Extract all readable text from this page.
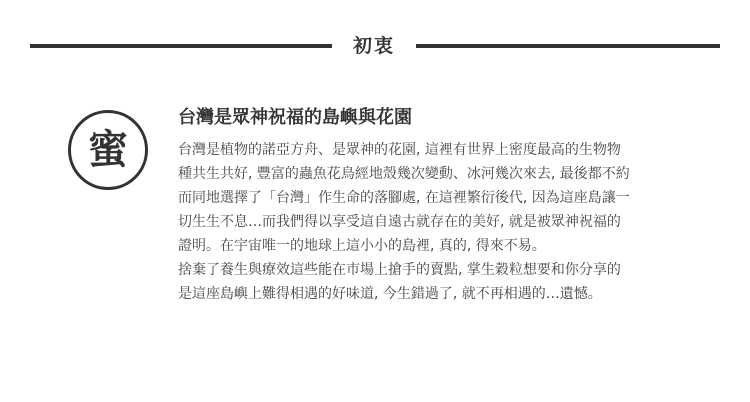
初衷
蜜
台灣是眾神祝福的島嶼與花園

台灣是植物的諾亞方舟、是眾神的花園, 這裡有世界上密度最高的生物物
種共生共好, 豐富的蟲魚花鳥經地殼幾次變動、冰河幾次來去, 最後都不約
而同地選擇了「台灣」作生命的落腳處, 在這裡繁衍後代, 因為這座島讓一
切生生不息…而我們得以享受這自遠古就存在的美好, 就是被眾神祝福的
證明。在宇宙唯一的地球上這小小的島裡, 真的, 得來不易。

捨棄了養生與療效這些能在市場上搶手的賣點, 掌生穀粒想要和你分享的
是這座島嶼上難得相遇的好味道, 今生錯過了, 就不再相遇的…遺憾。
